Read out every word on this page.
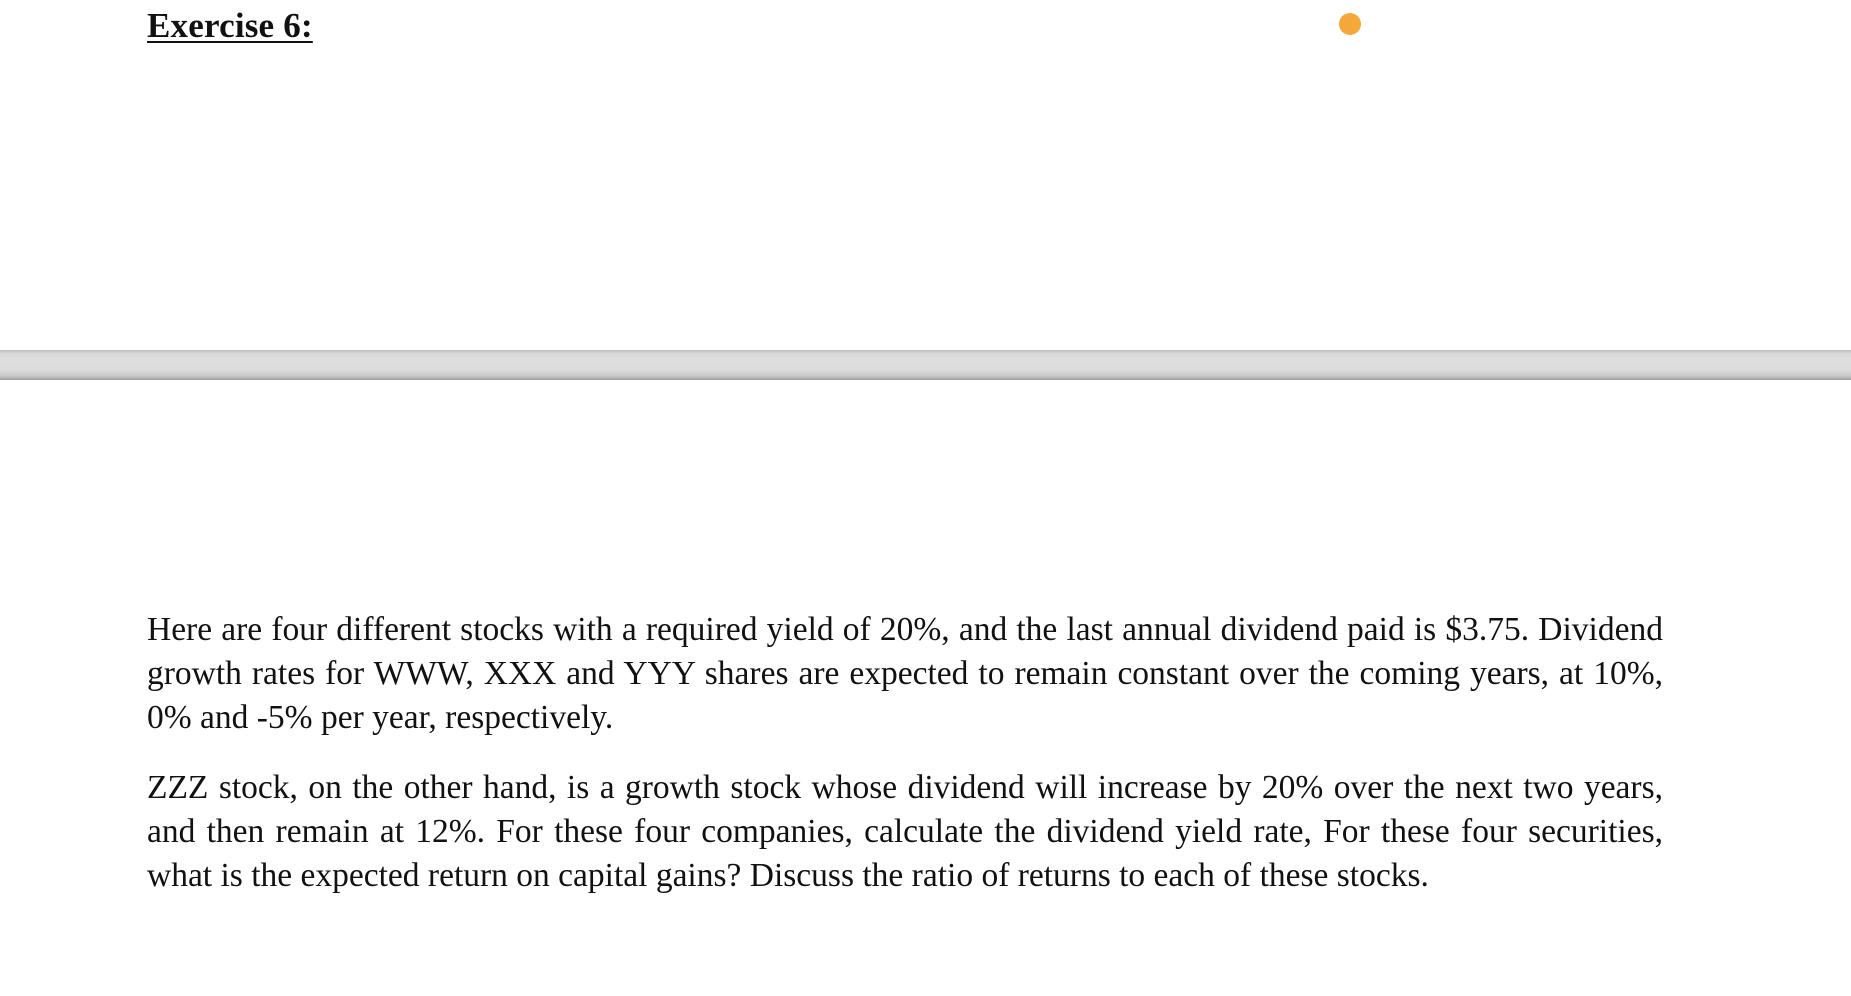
Exercise 6:

Here are four different stocks with a required yield of 20%, and the last annual dividend paid is $3.75. Dividend growth rates for WWW, XXX and YYY shares are expected to remain constant over the coming years, at 10%, 0% and -5% per year, respectively.

ZZZ stock, on the other hand, is a growth stock whose dividend will increase by 20% over the next two years, and then remain at 12%. For these four companies, calculate the dividend yield rate, For these four securities, what is the expected return on capital gains? Discuss the ratio of returns to each of these stocks.
